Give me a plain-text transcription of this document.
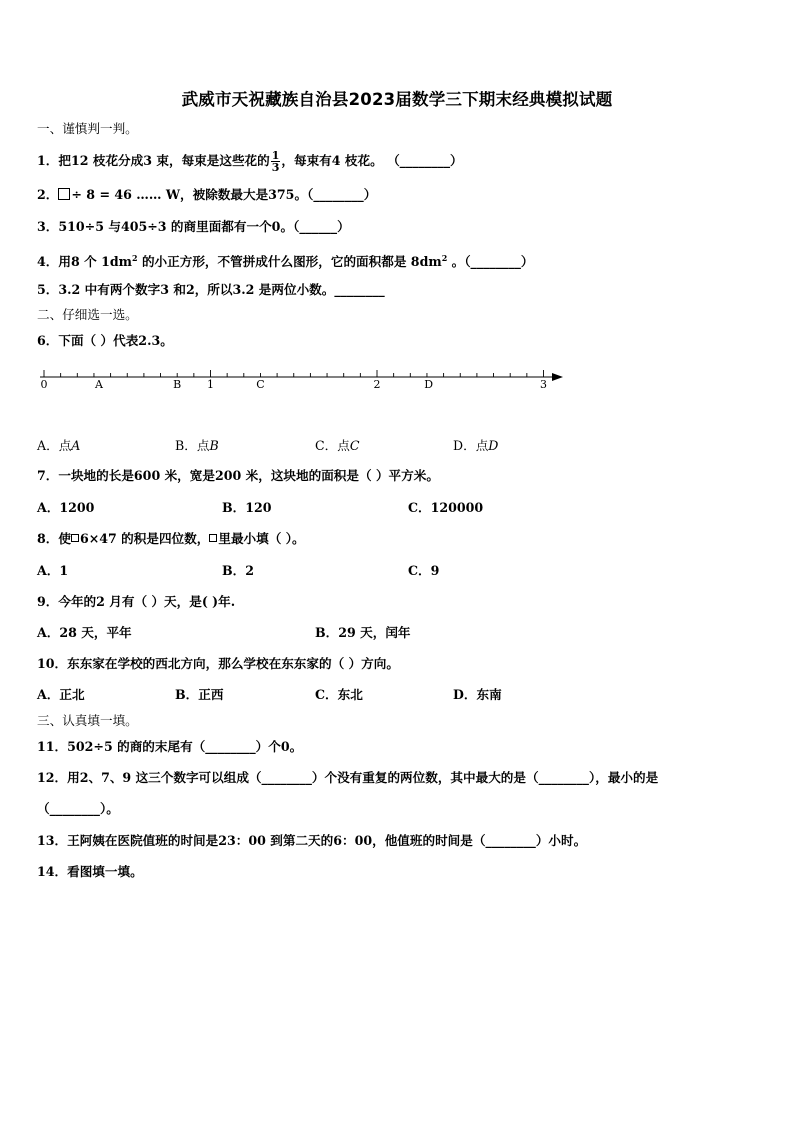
武威市天祝藏族自治县2023届数学三下期末经典模拟试题
一、谨慎判一判。
1．把12 枝花分成3 束，每束是这些花的 $\frac{1}{3}$ ，每束有4 枝花。 （________）
2． ÷ 8 = 46 …… W，被除数最大是375。（________）
3．510÷5 与405÷3 的商里面都有一个0。（______）
4．用8 个 $1dm^2$ 的小正方形，不管拼成什么图形，它的面积都是 $8dm^2$ 。（________）
5．3.2 中有两个数字3 和2，所以3.2 是两位小数。________
二、仔细选一选。
6．下面（ ）代表2.3。
0	1	2	3
A	B	C	D
A．点A	B．点B	C．点C	D．点D
7．一块地的长是600 米，宽是200 米，这块地的面积是（ ）平方米。
A．1200	B．120	C．120000
8．使 6×47 的积是四位数， 里最小填（ ）。
A．1	B．2	C．9
9．今年的2 月有（ ）天，是( )年.
A．28 天，平年	B．29 天，闰年
10．东东家在学校的西北方向，那么学校在东东家的（ ）方向。
A．正北	B．正西	C．东北	D．东南
三、认真填一填。
11．502÷5 的商的末尾有（________）个0。
12．用2、7、9 这三个数字可以组成（________）个没有重复的两位数，其中最大的是（________），最小的是
（________）。
13．王阿姨在医院值班的时间是23：00 到第二天的6：00，他值班的时间是（________）小时。
14．看图填一填。
